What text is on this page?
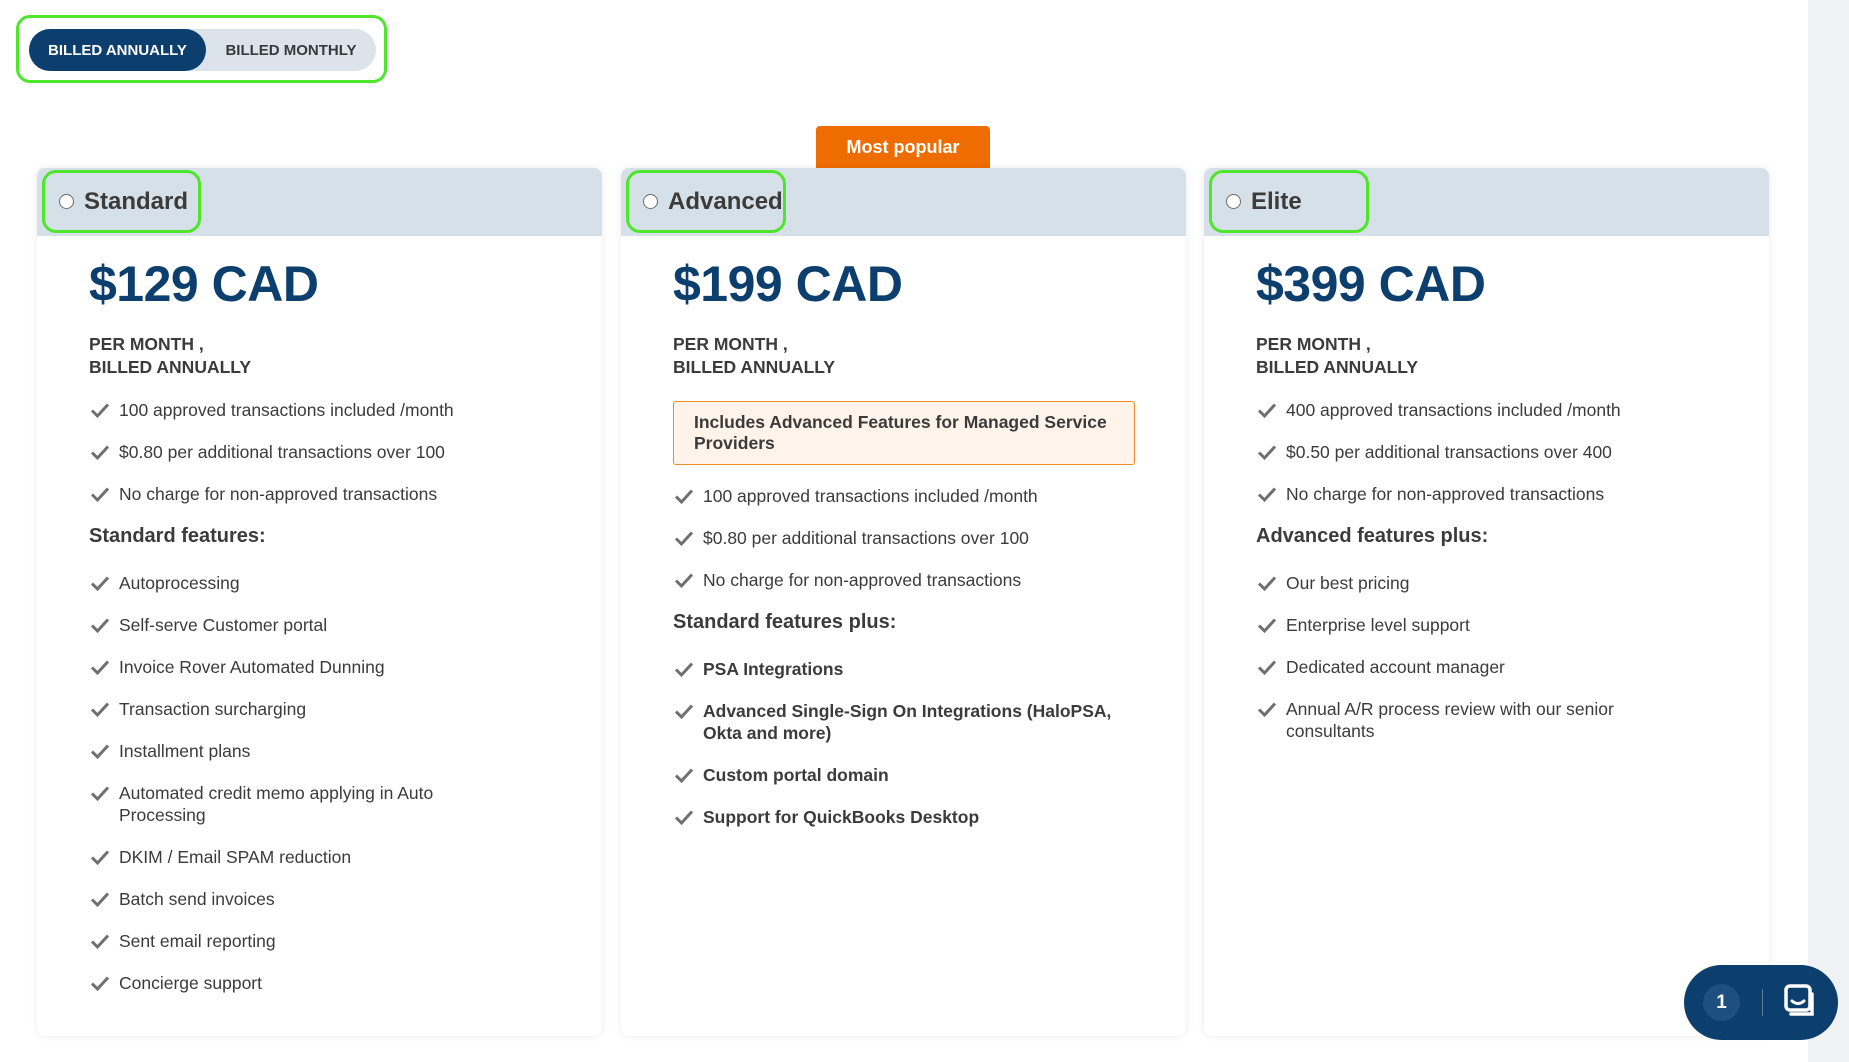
BILLED ANNUALLY	BILLED MONTHLY
Most popular
Standard
$129 CAD
PER MONTH ,
BILLED ANNUALLY
100 approved transactions included /month
$0.80 per additional transactions over 100
No charge for non-approved transactions
Standard features:
Autoprocessing
Self-serve Customer portal
Invoice Rover Automated Dunning
Transaction surcharging
Installment plans
Automated credit memo applying in Auto Processing
DKIM / Email SPAM reduction
Batch send invoices
Sent email reporting
Concierge support
Advanced
$199 CAD
PER MONTH ,
BILLED ANNUALLY
Includes Advanced Features for Managed Service Providers
100 approved transactions included /month
$0.80 per additional transactions over 100
No charge for non-approved transactions
Standard features plus:
PSA Integrations
Advanced Single-Sign On Integrations (HaloPSA, Okta and more)
Custom portal domain
Support for QuickBooks Desktop
Elite
$399 CAD
PER MONTH ,
BILLED ANNUALLY
400 approved transactions included /month
$0.50 per additional transactions over 400
No charge for non-approved transactions
Advanced features plus:
Our best pricing
Enterprise level support
Dedicated account manager
Annual A/R process review with our senior consultants
1
